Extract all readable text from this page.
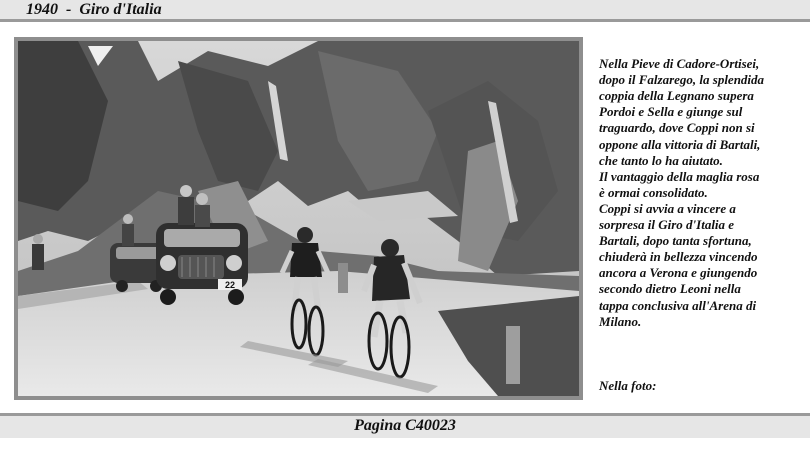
1940  -  Giro d'Italia
22

Nella Pieve di Cadore-Ortisei,
dopo il Falzarego, la splendida
coppia della Legnano supera
Pordoi e Sella e giunge sul
traguardo, dove Coppi non si
oppone alla vittoria di Bartali,
che tanto lo ha aiutato.
Il vantaggio della maglia rosa
è ormai consolidato.
Coppi si avvia a vincere a
sorpresa il Giro d'Italia e
Bartali, dopo tanta sfortuna,
chiuderà in bellezza vincendo
ancora a Verona e giungendo
secondo dietro Leoni nella
tappa conclusiva all'Arena di
Milano.

Nella foto:

Pagina C40023
